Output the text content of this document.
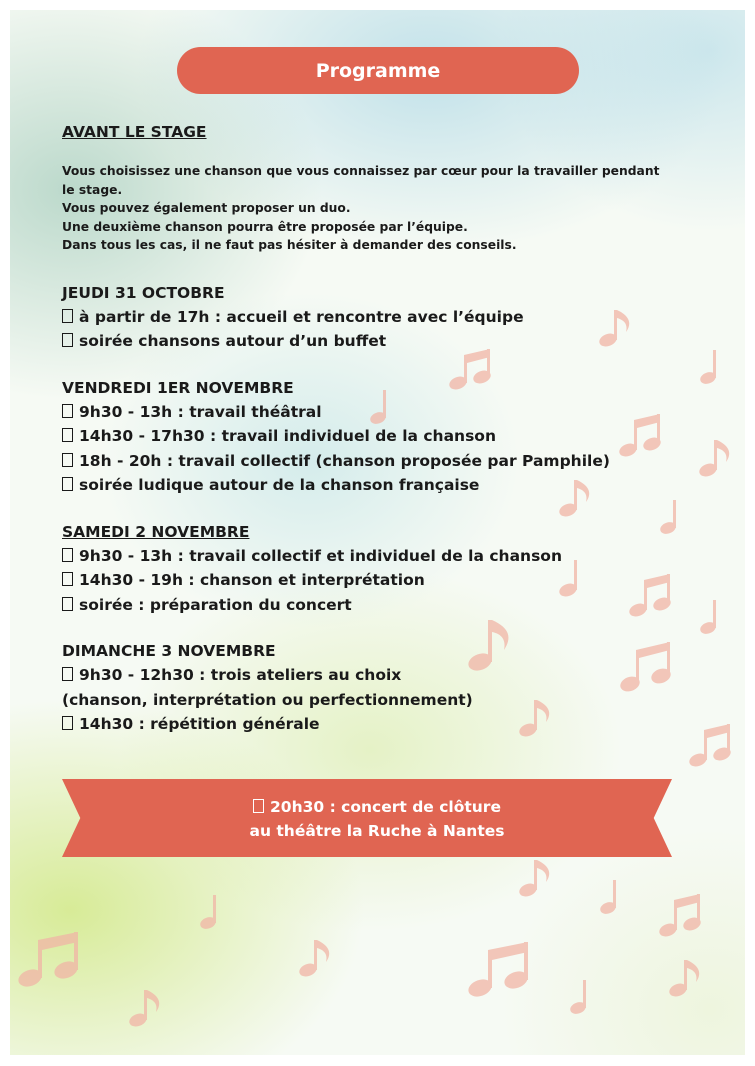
Programme

AVANT LE STAGE

Vous choisissez une chanson que vous connaissez par cœur pour la travailler pendant

le stage.

Vous pouvez également proposer un duo.

Une deuxième chanson pourra être proposée par l’équipe.

Dans tous les cas, il ne faut pas hésiter à demander des conseils.

JEUDI 31 OCTOBRE

à partir de 17h : accueil et rencontre avec l’équipe

soirée chansons autour d’un buffet

VENDREDI 1ER NOVEMBRE

9h30 - 13h : travail théâtral

14h30 - 17h30 : travail individuel de la chanson

18h - 20h : travail collectif (chanson proposée par Pamphile)

soirée ludique autour de la chanson française

SAMEDI 2 NOVEMBRE

9h30 - 13h : travail collectif et individuel de la chanson

14h30 - 19h : chanson et interprétation

soirée : préparation du concert

DIMANCHE 3 NOVEMBRE

9h30 - 12h30 : trois ateliers au choix

(chanson, interprétation ou perfectionnement)

14h30 : répétition générale

20h30 : concert de clôture
au théâtre la Ruche à Nantes
